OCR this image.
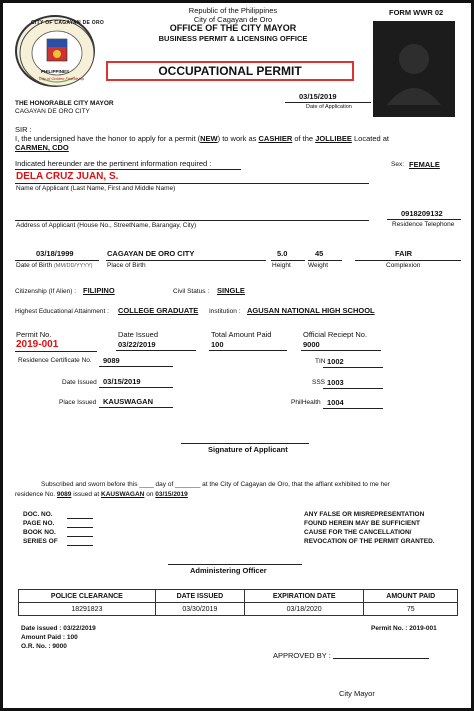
CITY OF CAGAYAN DE ORO
PHILIPPINES
City of Golden Friendship
Republic of the Philippines
City of Cagayan de Oro
OFFICE OF THE CITY MAYOR
BUSINESS PERMIT & LICENSING OFFICE
FORM WWR 02
OCCUPATIONAL PERMIT
THE HONORABLE CITY MAYOR
CAGAYAN DE ORO CITY
03/15/2019
Date of Application
SIR :
I, the undersigned have the honor to apply for a permit (NEW) to work as CASHIER of the JOLLIBEE Located at
CARMEN, CDO
Indicated hereunder are the pertinent information required :
DELA CRUZ JUAN, S.
Name of Applicant (Last Name, First and Middle Name)
Sex: FEMALE
Address of Applicant (House No., StreetName, Barangay, City)
0918209132
Residence Telephone
03/18/1999	CAGAYAN DE ORO CITY	5.0	45	FAIR
Date of Birth (MM/DD/YYYY) Place of Birth	Height	Weight	Complexion
Citizenship (If Alien) : FILIPINO	Civil Status : SINGLE
Highest Educational Attainment : COLLEGE GRADUATE Institution : AGUSAN NATIONAL HIGH SCHOOL
Permit No.
2019-001
Date Issued
03/22/2019
Total Amount Paid
100
Official Reciept No.
9000
Residence Certificate No. 9089
Date Issued 03/15/2019
Place Issued KAUSWAGAN
TIN 1002
SSS 1003
PhilHealth 1004
Signature of Applicant
Subscribed and sworn before this ____ day of _______ at the City of Cagayan de Oro, that the affiant exhibited to me her
residence No. 9089 issued at KAUSWAGAN on 03/15/2019
DOC. NO.
PAGE NO.
BOOK NO.
SERIES OF
ANY FALSE OR MISREPRESENTATION
FOUND HEREIN MAY BE SUFFICIENT
CAUSE FOR THE CANCELLATION/
REVOCATION OF THE PERMIT GRANTED.
Administering Officer
POLICE CLEARANCE	DATE ISSUED	EXPIRATION DATE	AMOUNT PAID
18291823	03/30/2019	03/18/2020	75
Date issued : 03/22/2019
Amount Paid : 100
O.R. No. : 9000
Permit No. : 2019-001
APPROVED BY :
City Mayor
